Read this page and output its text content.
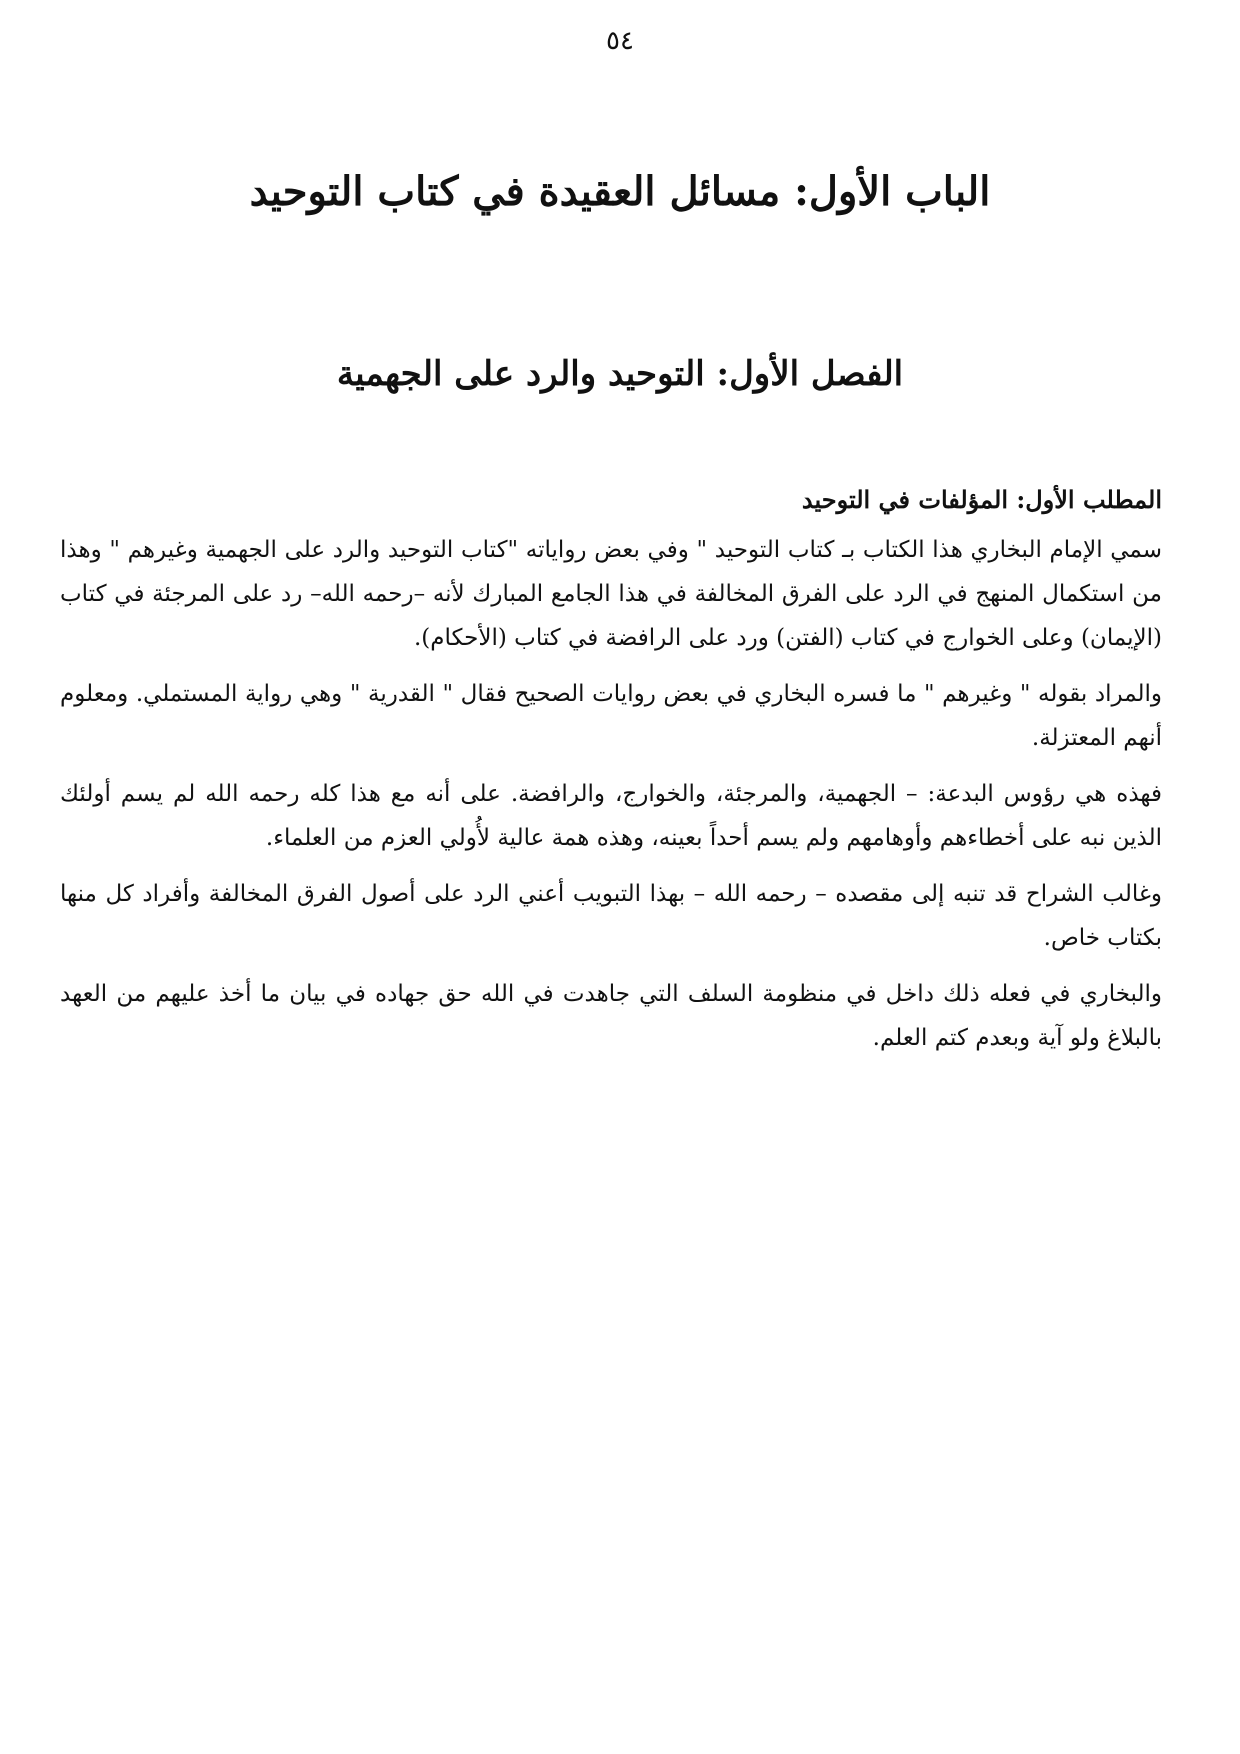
٥٤
الباب الأول: مسائل العقيدة في كتاب التوحيد
الفصل الأول: التوحيد والرد على الجهمية
المطلب الأول: المؤلفات في التوحيد

سمي الإمام البخاري هذا الكتاب بـ كتاب التوحيد " وفي بعض رواياته "كتاب التوحيد والرد على الجهمية وغيرهم " وهذا من استكمال المنهج في الرد على الفرق المخالفة في هذا الجامع المبارك لأنه –رحمه الله– رد على المرجئة في كتاب (الإيمان) وعلى الخوارج في كتاب (الفتن) ورد على الرافضة في كتاب (الأحكام).

والمراد بقوله " وغيرهم " ما فسره البخاري في بعض روايات الصحيح فقال " القدرية " وهي رواية المستملي. ومعلوم أنهم المعتزلة.

فهذه هي رؤوس البدعة: – الجهمية، والمرجئة، والخوارج، والرافضة. على أنه مع هذا كله رحمه الله لم يسم أولئك الذين نبه على أخطاءهم وأوهامهم ولم يسم أحداً بعينه، وهذه همة عالية لأُولي العزم من العلماء.

وغالب الشراح قد تنبه إلى مقصده – رحمه الله – بهذا التبويب أعني الرد على أصول الفرق المخالفة وأفراد كل منها بكتاب خاص.

والبخاري في فعله ذلك داخل في منظومة السلف التي جاهدت في الله حق جهاده في بيان ما أخذ عليهم من العهد بالبلاغ ولو آية وبعدم كتم العلم.
